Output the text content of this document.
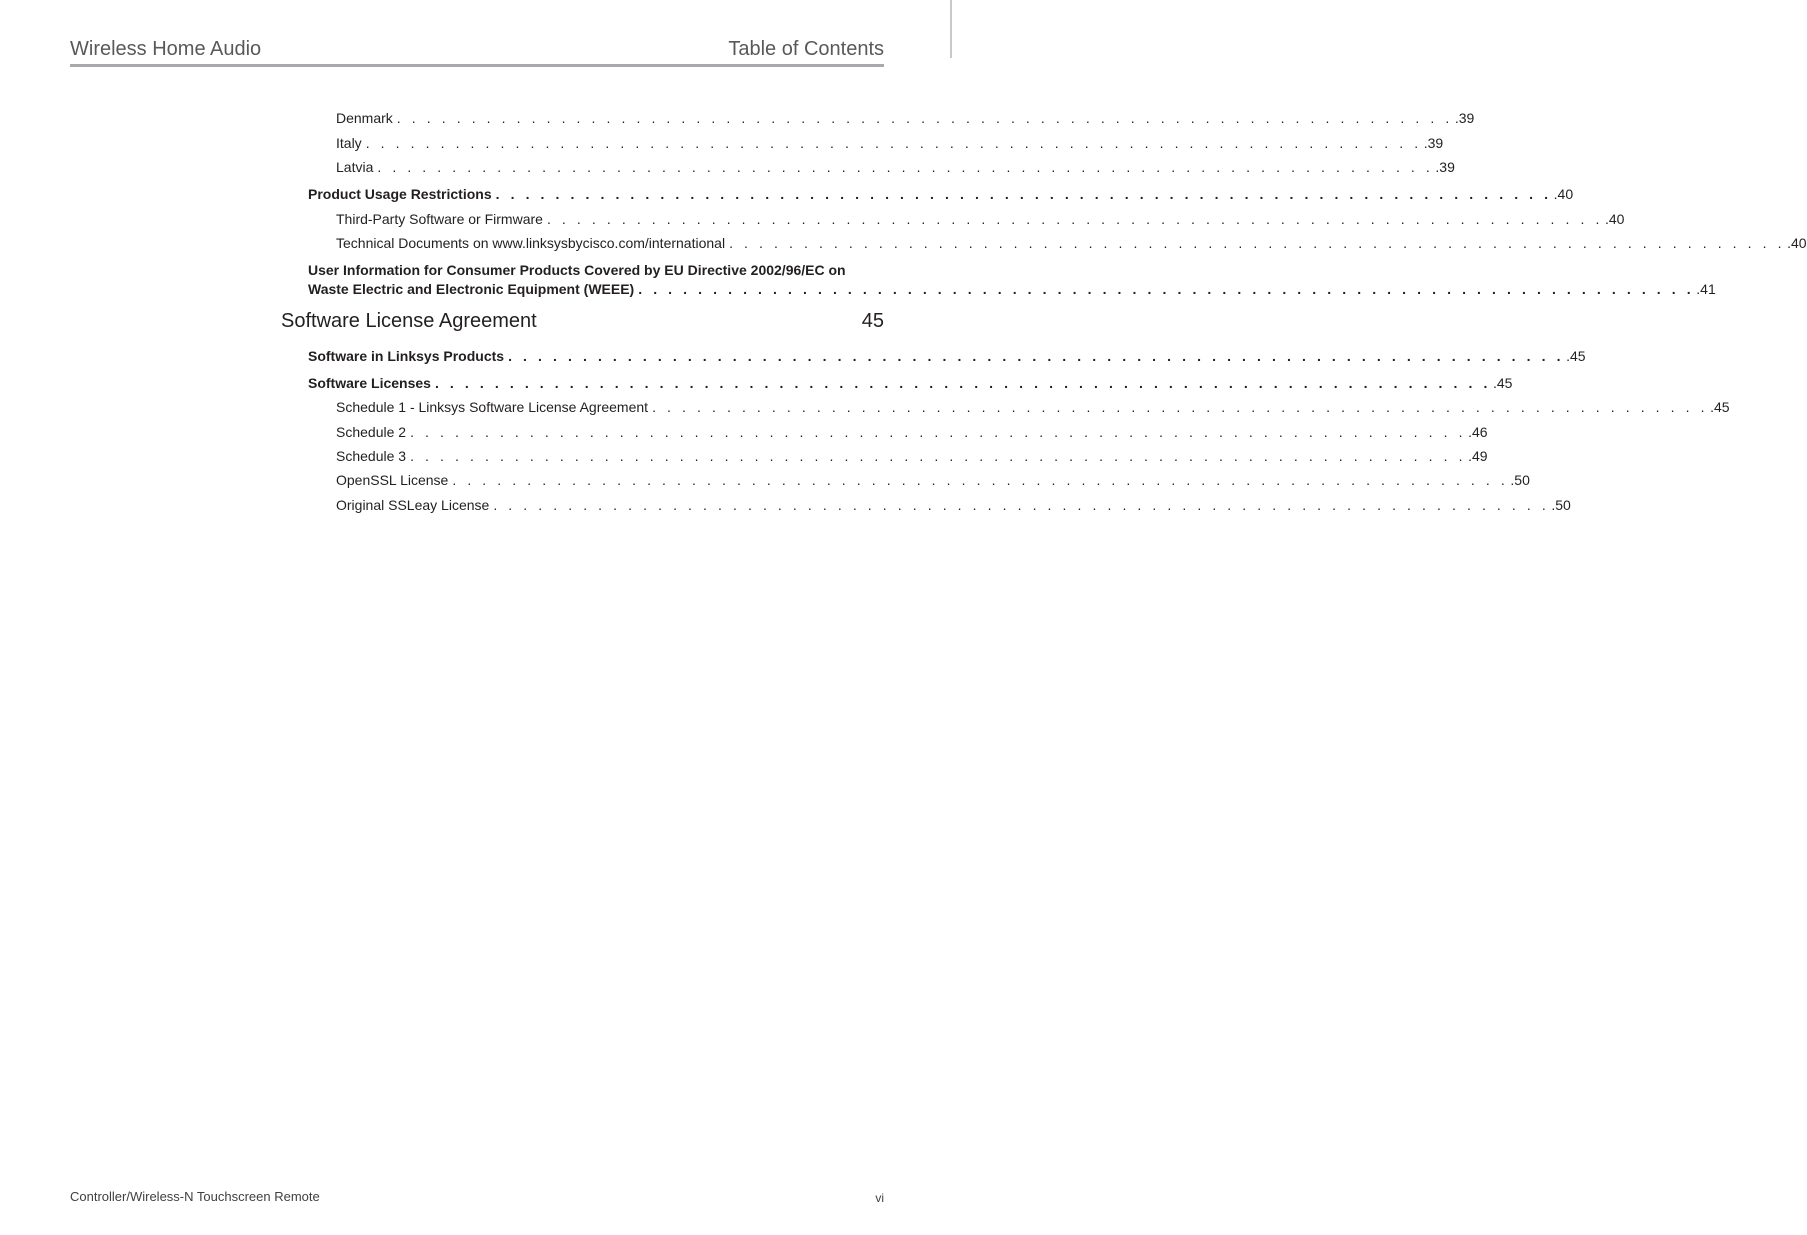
Wireless Home Audio	Table of Contents
Denmark . . . . . . . . . . . . . . . . . . . . . . . . . . . . . . . . . . . . . . . . . . . . . . . . . . . . . . . . . . . . . . . . . . . . . . . .39
Italy . . . . . . . . . . . . . . . . . . . . . . . . . . . . . . . . . . . . . . . . . . . . . . . . . . . . . . . . . . . . . . . . . . . . . . . .39
Latvia . . . . . . . . . . . . . . . . . . . . . . . . . . . . . . . . . . . . . . . . . . . . . . . . . . . . . . . . . . . . . . . . . . . . . . . .39
Product Usage Restrictions . . . . . . . . . . . . . . . . . . . . . . . . . . . . . . . . . . . . . . . . . . . . . . . . . . . . . . . . . . . . . . . . . . . . . . . .40
Third-Party Software or Firmware . . . . . . . . . . . . . . . . . . . . . . . . . . . . . . . . . . . . . . . . . . . . . . . . . . . . . . . . . . . . . . . . . . . . . . . .40
Technical Documents on www.linksysbycisco.com/international . . . . . . . . . . . . . . . . . . . . . . . . . . . . . . . . . . . . . . . . . . . . . . . . . . . . . . . . . . . . . . . . . . . . . . . .40
User Information for Consumer Products Covered by EU Directive 2002/96/EC on
Waste Electric and Electronic Equipment (WEEE) . . . . . . . . . . . . . . . . . . . . . . . . . . . . . . . . . . . . . . . . . . . . . . . . . . . . . . . . . . . . . . . . . . . . . . . .41
Software License Agreement	45
Software in Linksys Products . . . . . . . . . . . . . . . . . . . . . . . . . . . . . . . . . . . . . . . . . . . . . . . . . . . . . . . . . . . . . . . . . . . . . . . .45
Software Licenses . . . . . . . . . . . . . . . . . . . . . . . . . . . . . . . . . . . . . . . . . . . . . . . . . . . . . . . . . . . . . . . . . . . . . . . .45
Schedule 1 - Linksys Software License Agreement . . . . . . . . . . . . . . . . . . . . . . . . . . . . . . . . . . . . . . . . . . . . . . . . . . . . . . . . . . . . . . . . . . . . . . . .45
Schedule 2 . . . . . . . . . . . . . . . . . . . . . . . . . . . . . . . . . . . . . . . . . . . . . . . . . . . . . . . . . . . . . . . . . . . . . . . .46
Schedule 3 . . . . . . . . . . . . . . . . . . . . . . . . . . . . . . . . . . . . . . . . . . . . . . . . . . . . . . . . . . . . . . . . . . . . . . . .49
OpenSSL License . . . . . . . . . . . . . . . . . . . . . . . . . . . . . . . . . . . . . . . . . . . . . . . . . . . . . . . . . . . . . . . . . . . . . . . .50
Original SSLeay License . . . . . . . . . . . . . . . . . . . . . . . . . . . . . . . . . . . . . . . . . . . . . . . . . . . . . . . . . . . . . . . . . . . . . . . .50
Controller/Wireless-N Touchscreen Remote	vi
